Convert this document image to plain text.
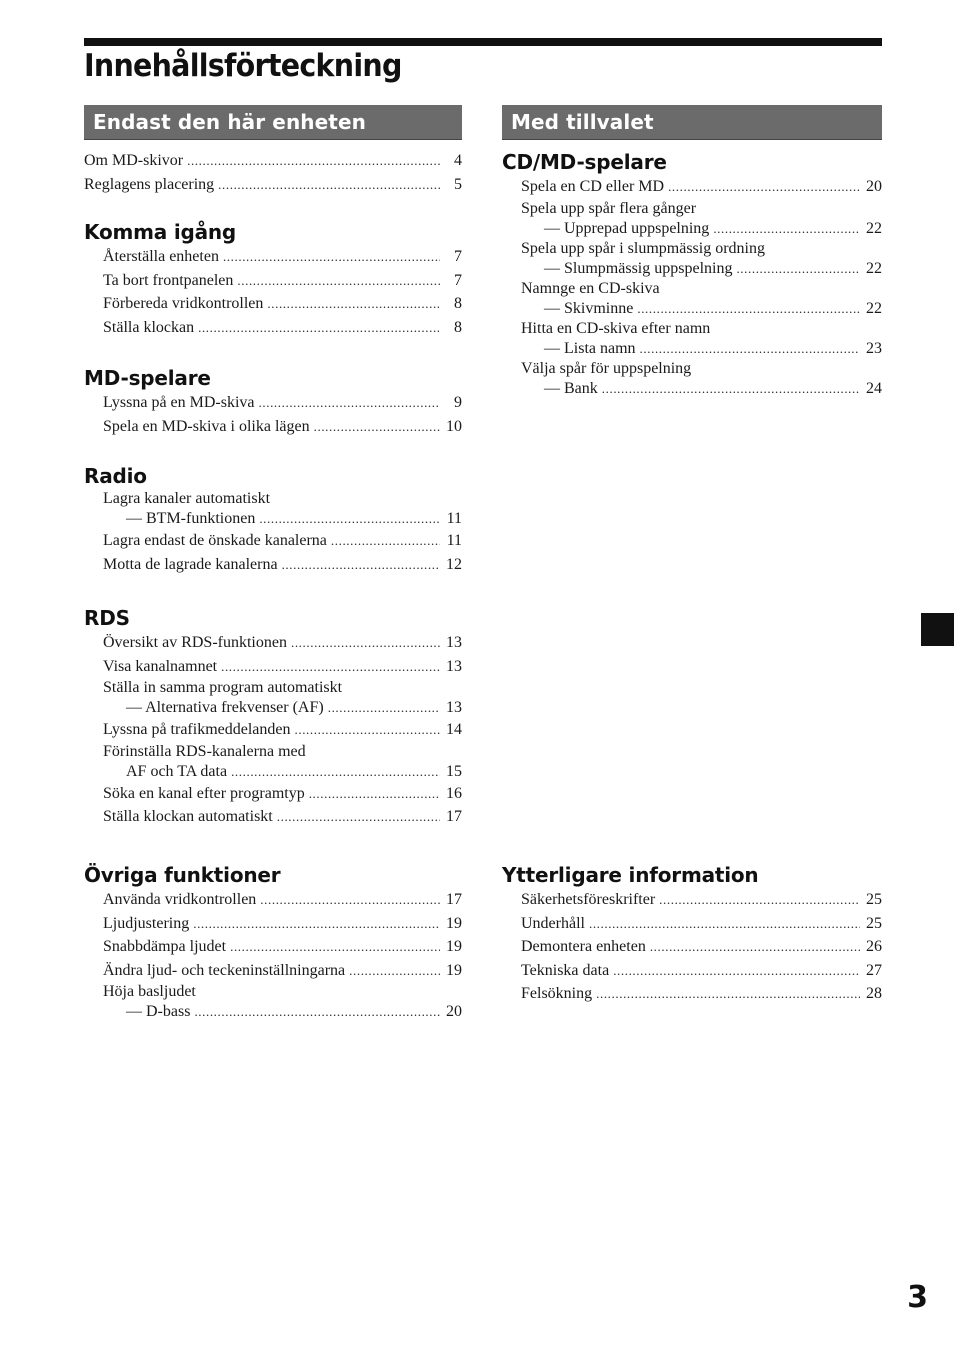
Innehållsförteckning
Endast den här enheten
Om MD-skivor .....	4
Reglagens placering .....	5
Komma igång
Återställa enheten .....	7
Ta bort frontpanelen .....	7
Förbereda vridkontrollen .....	8
Ställa klockan .....	8
MD-spelare
Lyssna på en MD-skiva .....	9
Spela en MD-skiva i olika lägen .....	10
Radio
Lagra kanaler automatiskt
— BTM-funktionen .....	11
Lagra endast de önskade kanalerna .....	11
Motta de lagrade kanalerna .....	12
RDS
Översikt av RDS-funktionen .....	13
Visa kanalnamnet .....	13
Ställa in samma program automatiskt
— Alternativa frekvenser (AF) .....	13
Lyssna på trafikmeddelanden .....	14
Förinställa RDS-kanalerna med
AF och TA data .....	15
Söka en kanal efter programtyp .....	16
Ställa klockan automatiskt .....	17
Övriga funktioner
Använda vridkontrollen .....	17
Ljudjustering .....	19
Snabbdämpa ljudet .....	19
Ändra ljud- och teckeninställningarna .....	19
Höja basljudet
— D-bass .....	20
Med tillvalet
CD/MD-spelare
Spela en CD eller MD .....	20
Spela upp spår flera gånger
— Upprepad uppspelning .....	22
Spela upp spår i slumpmässig ordning
— Slumpmässig uppspelning .....	22
Namnge en CD-skiva
— Skivminne .....	22
Hitta en CD-skiva efter namn
— Lista namn .....	23
Välja spår för uppspelning
— Bank .....	24
Ytterligare information
Säkerhetsföreskrifter .....	25
Underhåll .....	25
Demontera enheten .....	26
Tekniska data .....	27
Felsökning .....	28
3
